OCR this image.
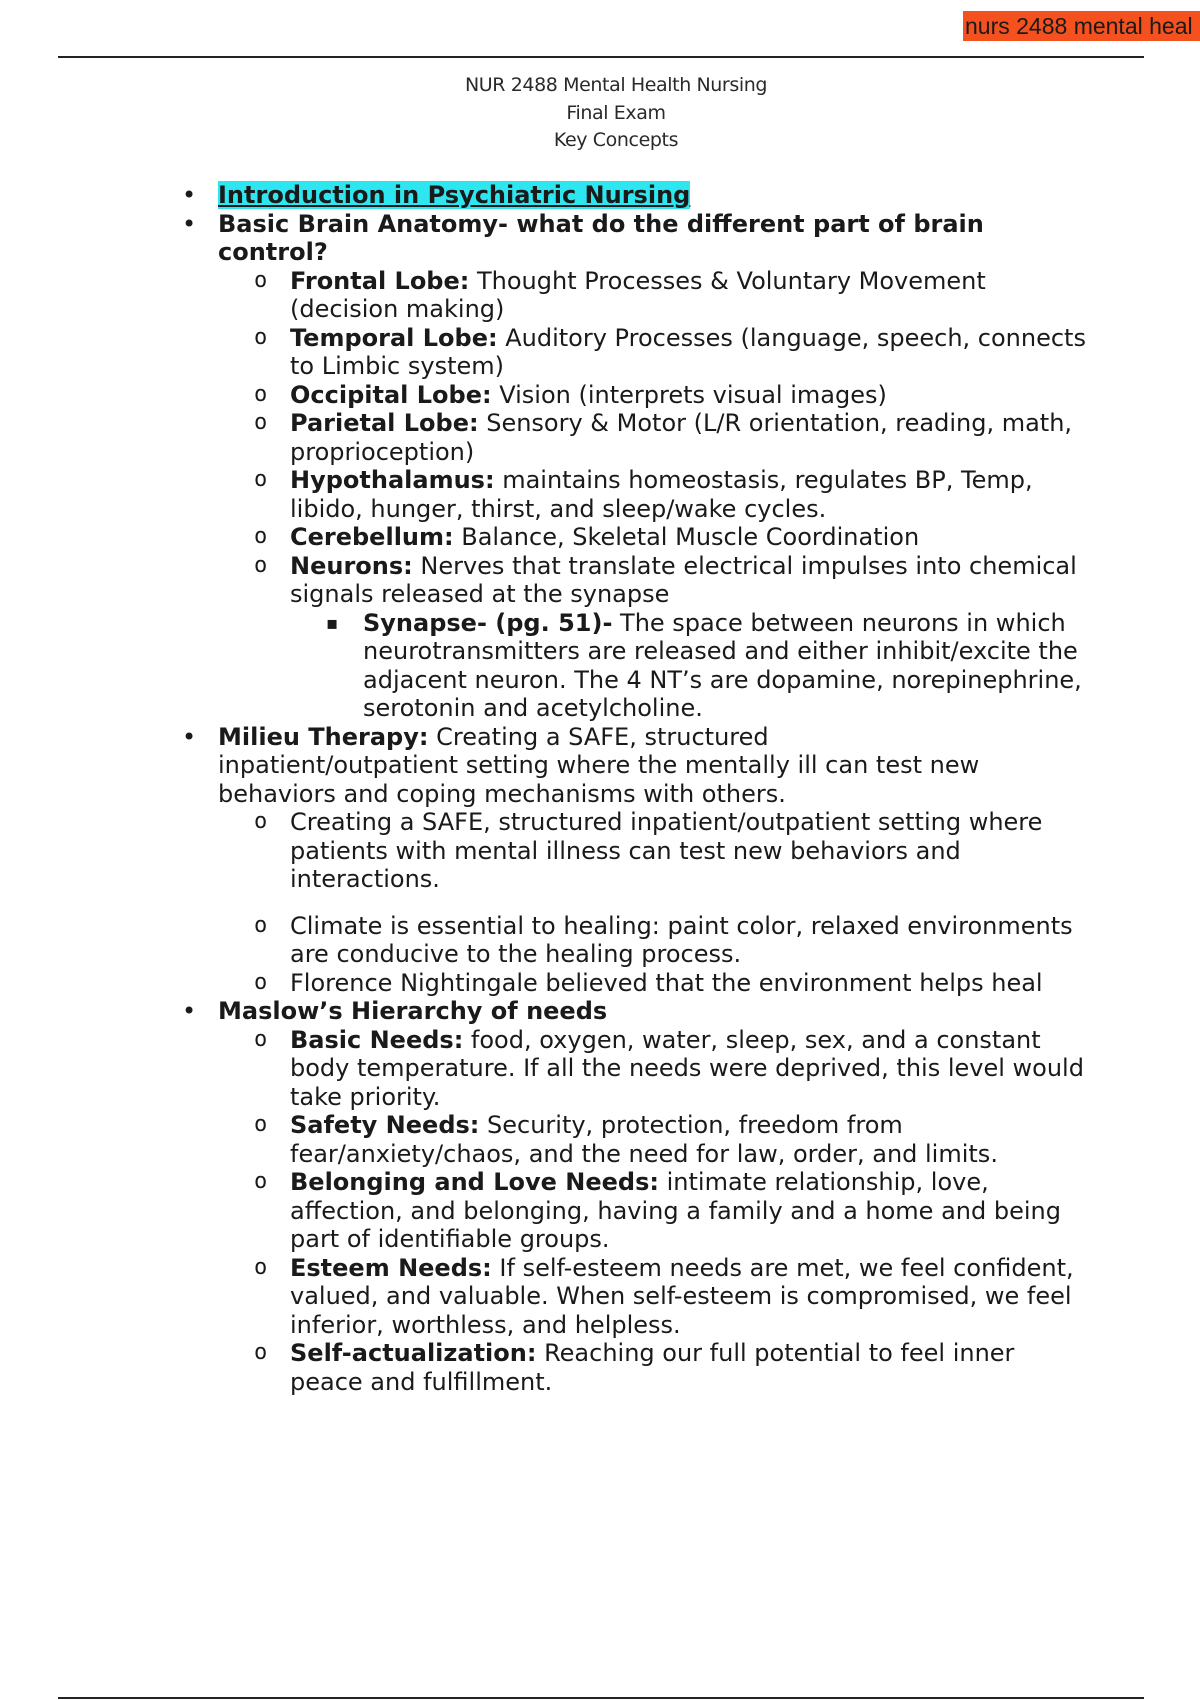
nurs 2488 mental heal
NUR 2488 Mental Health Nursing
Final Exam
Key Concepts
• Introduction in Psychiatric Nursing
• Basic Brain Anatomy- what do the different part of brain control?
o Frontal Lobe: Thought Processes & Voluntary Movement (decision making)
o Temporal Lobe: Auditory Processes (language, speech, connects to Limbic system)
o Occipital Lobe: Vision (interprets visual images)
o Parietal Lobe: Sensory & Motor (L/R orientation, reading, math, proprioception)
o Hypothalamus: maintains homeostasis, regulates BP, Temp, libido, hunger, thirst, and sleep/wake cycles.
o Cerebellum: Balance, Skeletal Muscle Coordination
o Neurons: Nerves that translate electrical impulses into chemical signals released at the synapse
▪ Synapse- (pg. 51)- The space between neurons in which neurotransmitters are released and either inhibit/excite the adjacent neuron. The 4 NT’s are dopamine, norepinephrine, serotonin and acetylcholine.
• Milieu Therapy: Creating a SAFE, structured inpatient/outpatient setting where the mentally ill can test new behaviors and coping mechanisms with others.
o Creating a SAFE, structured inpatient/outpatient setting where patients with mental illness can test new behaviors and interactions.
o Climate is essential to healing: paint color, relaxed environments are conducive to the healing process.
o Florence Nightingale believed that the environment helps heal
• Maslow’s Hierarchy of needs
o Basic Needs: food, oxygen, water, sleep, sex, and a constant body temperature. If all the needs were deprived, this level would take priority.
o Safety Needs: Security, protection, freedom from fear/anxiety/chaos, and the need for law, order, and limits.
o Belonging and Love Needs: intimate relationship, love, affection, and belonging, having a family and a home and being part of identifiable groups.
o Esteem Needs: If self-esteem needs are met, we feel confident, valued, and valuable. When self-esteem is compromised, we feel inferior, worthless, and helpless.
o Self-actualization: Reaching our full potential to feel inner peace and fulfillment.
